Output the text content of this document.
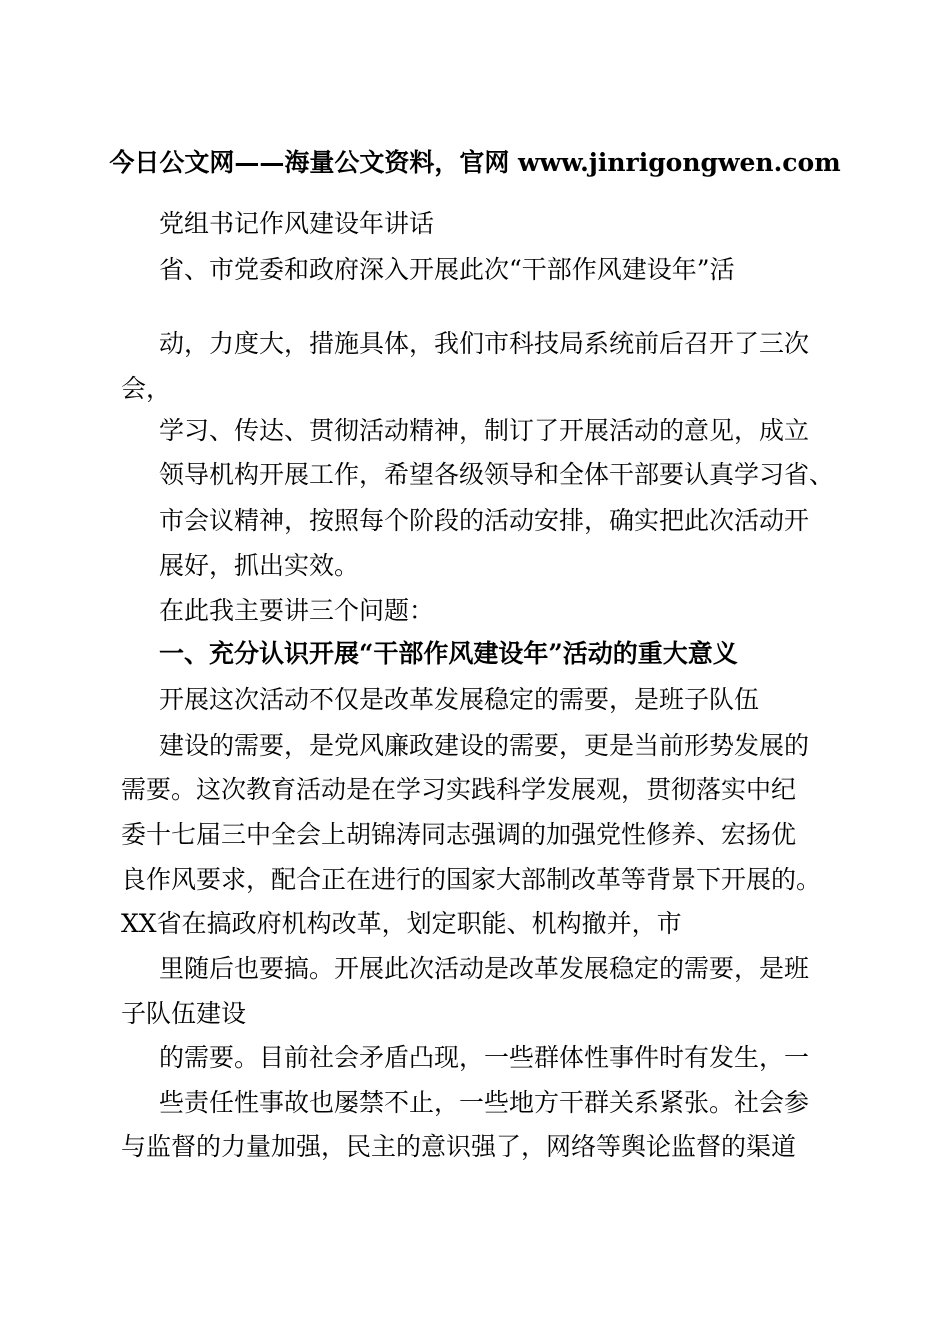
今日公文网——海量公文资料，官网 www.jinrigongwen.com
党组书记作风建设年讲话
省、市党委和政府深入开展此次“干部作风建设年”活
动，力度大，措施具体，我们市科技局系统前后召开了三次
会，
学习、传达、贯彻活动精神，制订了开展活动的意见，成立
领导机构开展工作，希望各级领导和全体干部要认真学习省、
市会议精神，按照每个阶段的活动安排，确实把此次活动开
展好，抓出实效。
在此我主要讲三个问题：
一、充分认识开展“干部作风建设年”活动的重大意义
开展这次活动不仅是改革发展稳定的需要，是班子队伍
建设的需要，是党风廉政建设的需要，更是当前形势发展的
需要。这次教育活动是在学习实践科学发展观，贯彻落实中纪
委十七届三中全会上胡锦涛同志强调的加强党性修养、宏扬优
良作风要求，配合正在进行的国家大部制改革等背景下开展的。
XX省在搞政府机构改革，划定职能、机构撤并，市
里随后也要搞。开展此次活动是改革发展稳定的需要，是班
子队伍建设
的需要。目前社会矛盾凸现，一些群体性事件时有发生，一
些责任性事故也屡禁不止，一些地方干群关系紧张。社会参
与监督的力量加强，民主的意识强了，网络等舆论监督的渠道
